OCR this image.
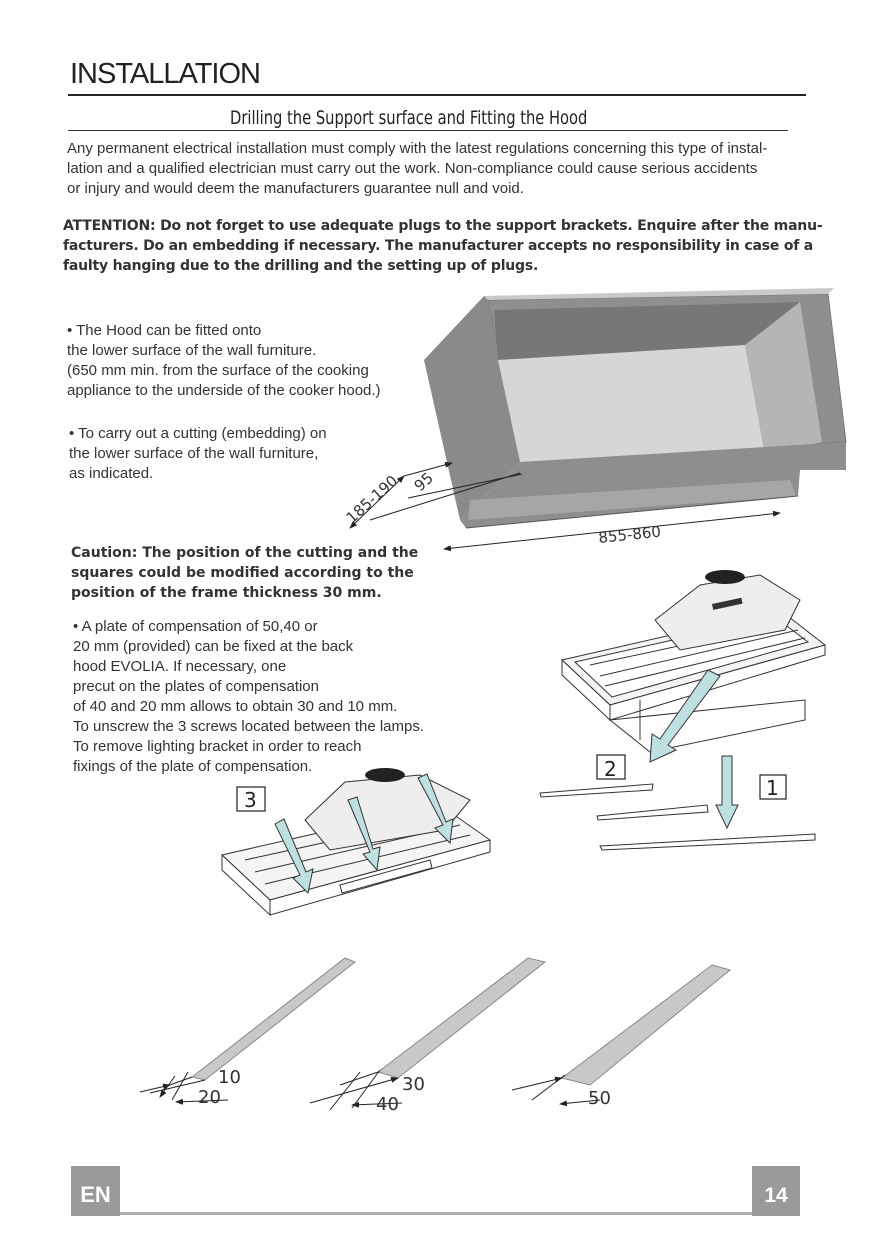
INSTALLATION
Drilling the Support surface and Fitting the Hood
Any permanent electrical installation must comply with the latest regulations concerning this type of instal-
lation and a qualified electrician must carry out the work. Non-compliance could cause serious accidents
or injury and would deem the manufacturers guarantee null and void.
ATTENTION: Do not forget to use adequate plugs to the support brackets. Enquire after the manu-
facturers. Do an embedding if necessary. The manufacturer accepts no responsibility in case of a
faulty hanging due to the drilling and the setting up of plugs.
• The Hood can be fitted onto
the lower surface of the wall furniture.
(650 mm min. from the surface of the cooking
appliance to the underside of the cooker hood.)
• To carry out a cutting (embedding) on
the lower surface of the wall furniture,
as indicated.
Caution: The position of the cutting and the
squares could be modified according to the
position of the frame thickness 30 mm.
• A plate of compensation of 50,40 or
20 mm (provided) can be fixed at the back
hood EVOLIA. If necessary, one
precut on the plates of compensation
of 40 and 20 mm allows to obtain 30 and 10 mm.
To unscrew the 3 screws located between the lamps.
To remove lighting bracket in order to reach
fixings of the plate of compensation.
185-190 95
855-860
2
1
3
10
20
30
40	50
EN	14
